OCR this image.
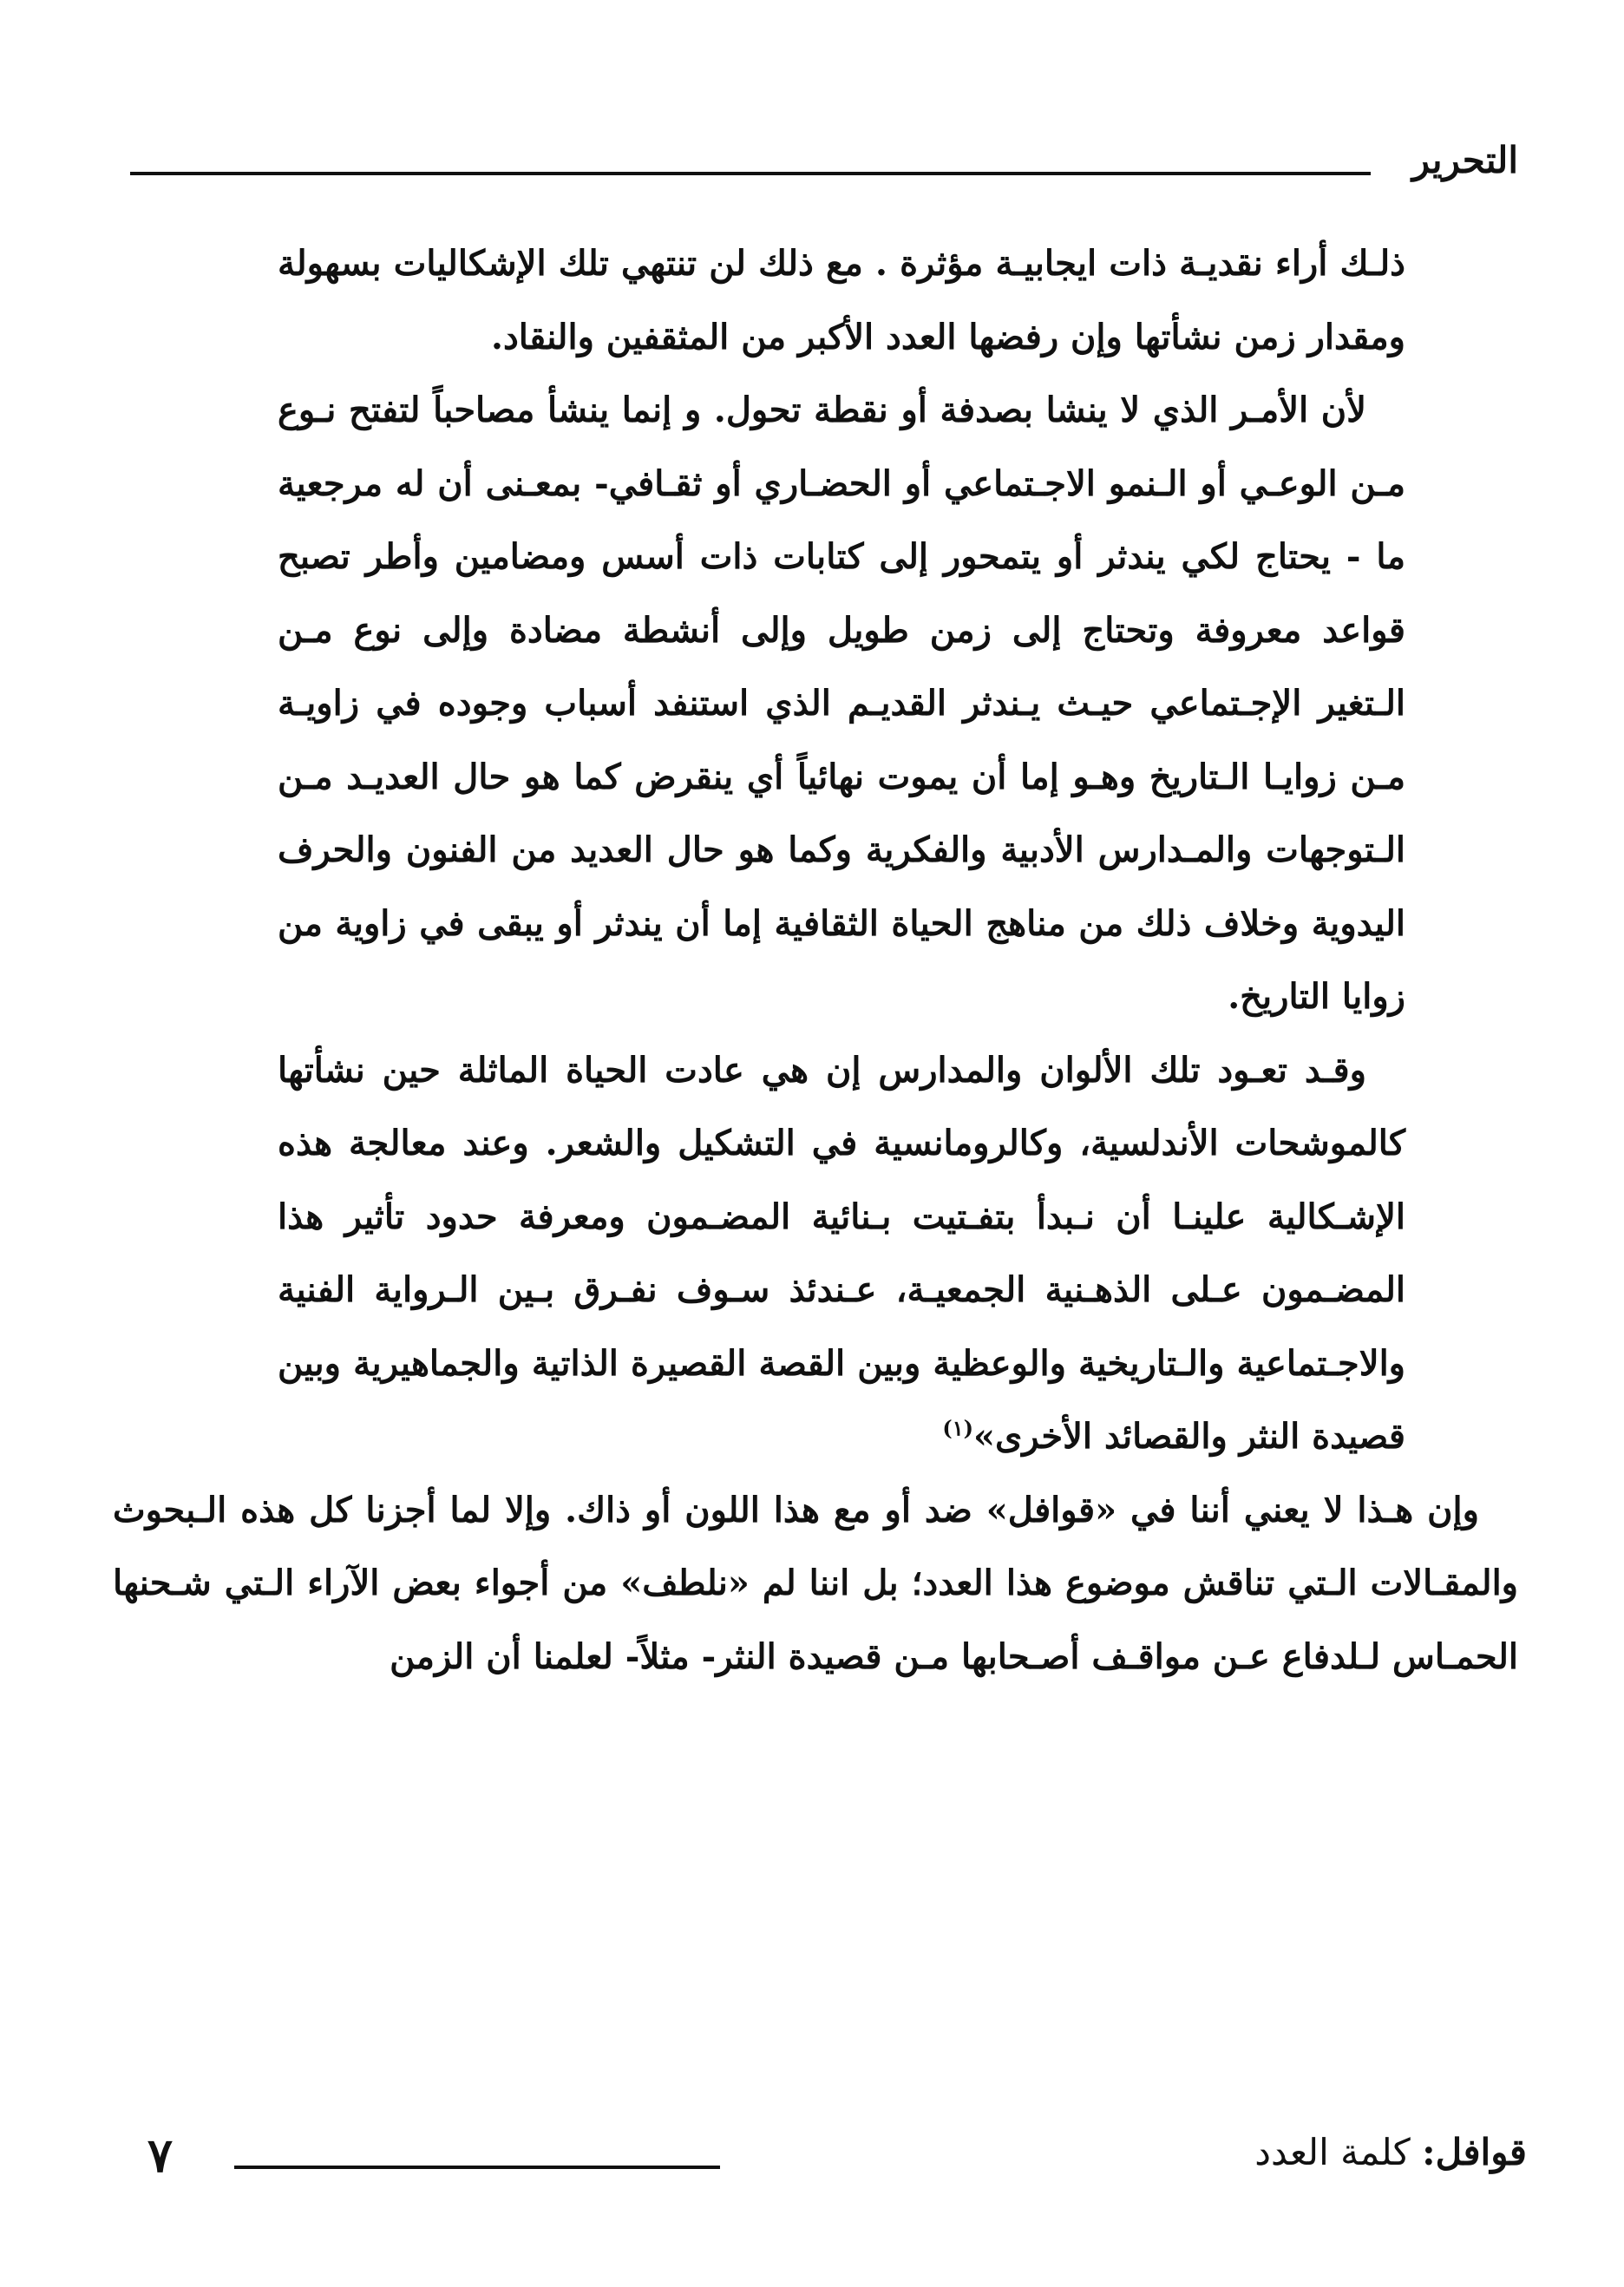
التحرير

ذلـك أراء نقديـة ذات ايجابيـة مؤثرة . مع ذلك لن تنتهي تلك الإشكاليات بسهولة ومقدار زمن نشأتها وإن رفضها العدد الأكبر من المثقفين والنقاد.

لأن الأمـر الذي لا ينشا بصدفة أو نقطة تحول. و إنما ينشأ مصاحباً لتفتح نـوع مـن الوعـي أو الـنمو الاجـتماعي أو الحضـاري أو ثقـافي- بمعـنى أن له مرجعية ما - يحتاج لكي يندثر أو يتمحور إلى كتابات ذات أسس ومضامين وأطر تصبح قواعد معروفة وتحتاج إلى زمن طويل وإلى أنشطة مضادة وإلى نوع مـن الـتغير الإجـتماعي حيـث يـندثر القديـم الذي استنفد أسباب وجوده في زاويـة مـن زوايـا الـتاريخ وهـو إما أن يموت نهائياً أي ينقرض كما هو حال العديـد مـن الـتوجهات والمـدارس الأدبية والفكرية وكما هو حال العديد من الفنون والحرف اليدوية وخلاف ذلك من مناهج الحياة الثقافية إما أن يندثر أو يبقى في زاوية من زوايا التاريخ.

وقـد تعـود تلك الألوان والمدارس إن هي عادت الحياة الماثلة حين نشأتها كالموشحات الأندلسية، وكالرومانسية في التشكيل والشعر. وعند معالجة هذه الإشـكالية علينـا أن نـبدأ بتفـتيت بـنائية المضـمون ومعرفة حدود تأثير هذا المضـمون عـلى الذهـنية الجمعيـة، عـندئذ سـوف نفـرق بـين الـرواية الفنية والاجـتماعية والـتاريخية والوعظية وبين القصة القصيرة الذاتية والجماهيرية وبين قصيدة النثر والقصائد الأخرى»$^{(١)}$

وإن هـذا لا يعني أننا في «قوافل» ضد أو مع هذا اللون أو ذاك. وإلا لما أجزنا كل هذه الـبحوث والمقـالات الـتي تناقش موضوع هذا العدد؛ بل اننا لم «نلطف» من أجواء بعض الآراء الـتي شـحنها الحمـاس لـلدفاع عـن مواقـف أصـحابها مـن قصيدة النثر- مثلاً- لعلمنا أن الزمن

٧	قوافل: كلمة العدد
